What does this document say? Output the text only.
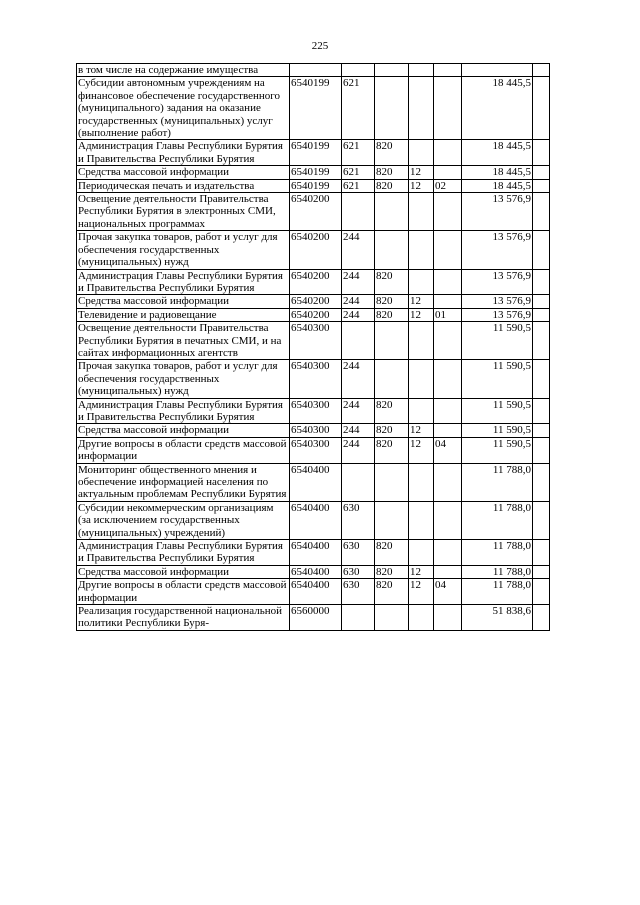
225
в том числе на содержание имущества							
Субсидии автономным учреждениям на финансовое обеспечение государственного (муниципального) задания на оказание государственных (муниципальных) услуг (выполнение работ)	6540199	621				18 445,5	
Администрация Главы Республики Бурятия и Правительства Республики Бурятия	6540199	621	820			18 445,5	
Средства массовой информации	6540199	621	820	12		18 445,5	
Периодическая печать и издательства	6540199	621	820	12	02	18 445,5	
Освещение деятельности Правительства Республики Бурятия в электронных СМИ, национальных программах	6540200					13 576,9	
Прочая закупка товаров, работ и услуг для обеспечения государственных (муниципальных) нужд	6540200	244				13 576,9	
Администрация Главы Республики Бурятия и Правительства Республики Бурятия	6540200	244	820			13 576,9	
Средства массовой информации	6540200	244	820	12		13 576,9	
Телевидение и радиовещание	6540200	244	820	12	01	13 576,9	
Освещение деятельности Правительства Республики Бурятия в печатных СМИ, и на сайтах информационных агентств	6540300					11 590,5	
Прочая закупка товаров, работ и услуг для обеспечения государственных (муниципальных) нужд	6540300	244				11 590,5	
Администрация Главы Республики Бурятия и Правительства Республики Бурятия	6540300	244	820			11 590,5	
Средства массовой информации	6540300	244	820	12		11 590,5	
Другие вопросы в области средств массовой информации	6540300	244	820	12	04	11 590,5	
Мониторинг общественного мнения и обеспечение информацией населения по актуальным проблемам Республики Бурятия	6540400					11 788,0	
Субсидии некоммерческим организациям (за исключением государственных (муниципальных) учреждений)	6540400	630				11 788,0	
Администрация Главы Республики Бурятия и Правительства Республики Бурятия	6540400	630	820			11 788,0	
Средства массовой информации	6540400	630	820	12		11 788,0	
Другие вопросы в области средств массовой информации	6540400	630	820	12	04	11 788,0	
Реализация государственной национальной политики Республики Буря-	6560000					51 838,6	
